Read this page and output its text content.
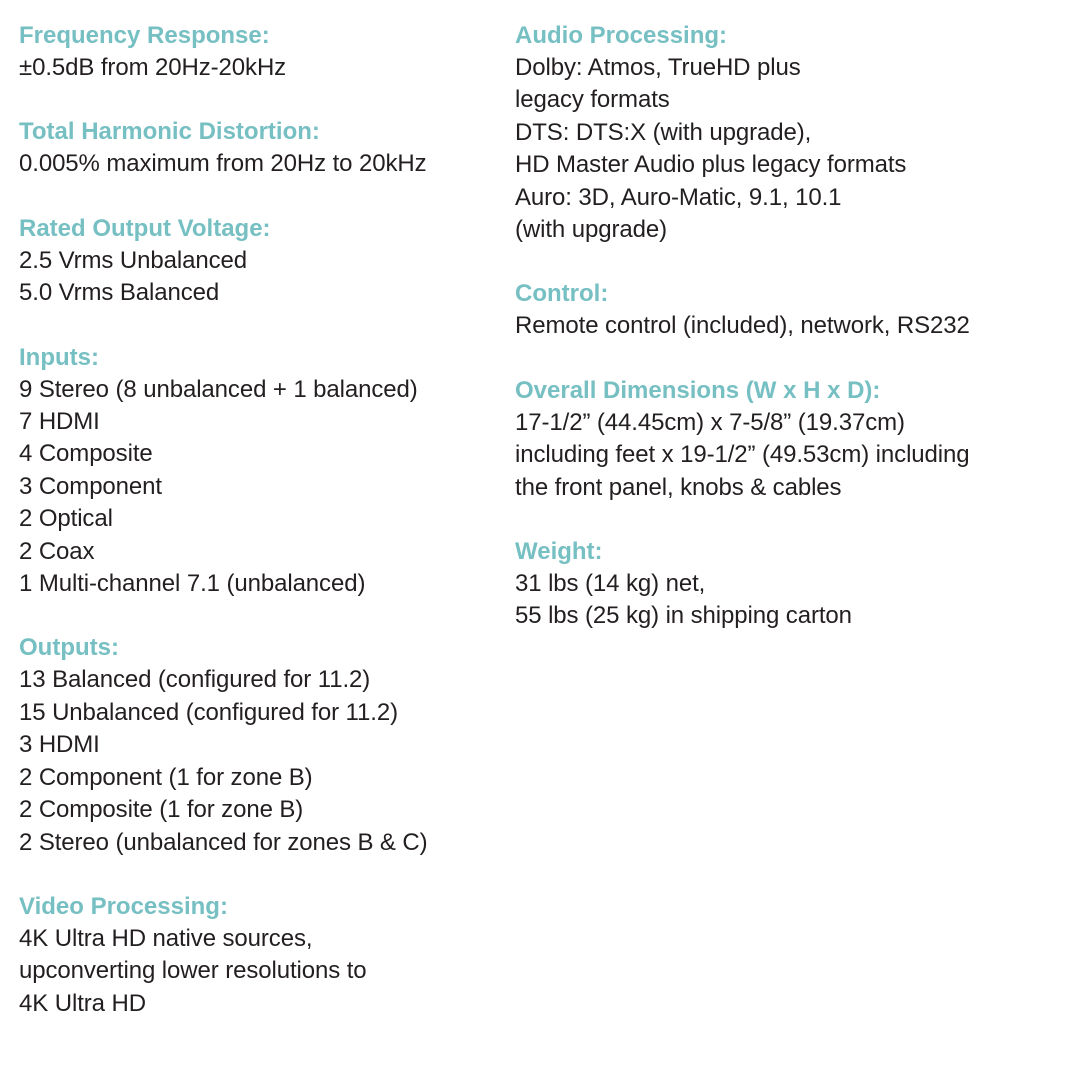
Frequency Response:
±0.5dB from 20Hz-20kHz
Total Harmonic Distortion:
0.005% maximum from 20Hz to 20kHz
Rated Output Voltage:
2.5 Vrms Unbalanced
5.0 Vrms Balanced
Inputs:
9 Stereo (8 unbalanced + 1 balanced)
7 HDMI
4 Composite
3 Component
2 Optical
2 Coax
1 Multi-channel 7.1 (unbalanced)
Outputs:
13 Balanced (configured for 11.2)
15 Unbalanced (configured for 11.2)
3 HDMI
2 Component (1 for zone B)
2 Composite (1 for zone B)
2 Stereo (unbalanced for zones B & C)
Video Processing:
4K Ultra HD native sources,
upconverting lower resolutions to
4K Ultra HD
Audio Processing:
Dolby: Atmos, TrueHD plus
legacy formats
DTS: DTS:X (with upgrade),
HD Master Audio plus legacy formats
Auro: 3D, Auro-Matic, 9.1, 10.1
(with upgrade)
Control:
Remote control (included), network, RS232
Overall Dimensions (W x H x D):
17-1/2” (44.45cm) x 7-5/8” (19.37cm)
including feet x 19-1/2” (49.53cm) including
the front panel, knobs & cables
Weight:
31 lbs (14 kg) net,
55 lbs (25 kg) in shipping carton
